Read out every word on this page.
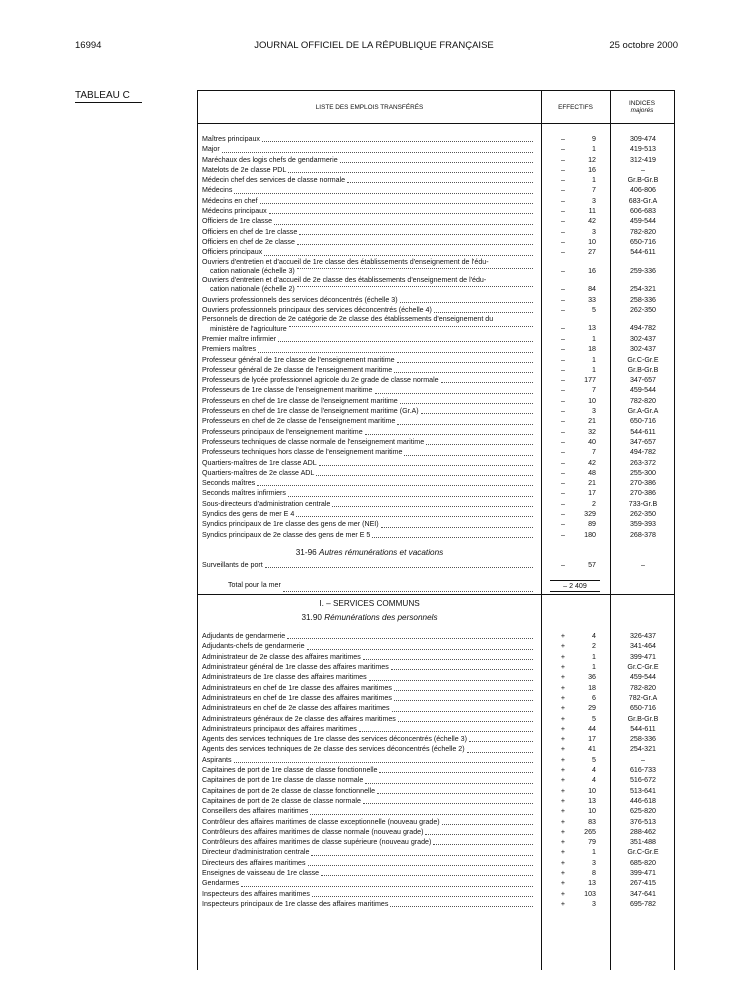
16994	JOURNAL OFFICIEL DE LA RÉPUBLIQUE FRANÇAISE	25 octobre 2000
TABLEAU C
LISTE DES EMPLOIS TRANSFÉRÉS	EFFECTIFS	INDICES
majorés
Maîtres principaux	–	9	309-474
Major	–	1	419-513
Maréchaux des logis chefs de gendarmerie	–	12	312-419
Matelots de 2e classe PDL	–	16	–
Médecin chef des services de classe normale	–	1	Gr.B-Gr.B
Médecins	–	7	406-806
Médecins en chef	–	3	683-Gr.A
Médecins principaux	–	11	606-683
Officiers de 1re classe	–	42	459-544
Officiers en chef de 1re classe	–	3	782-820
Officiers en chef de 2e classe	–	10	650-716
Officiers principaux	–	27	544-611
Ouvriers d'entretien et d'accueil de 1re classe des établissements d'enseignement de l'édu-
cation nationale (échelle 3)	–	16	259-336
Ouvriers d'entretien et d'accueil de 2e classe des établissements d'enseignement de l'édu-
cation nationale (échelle 2)	–	84	254-321
Ouvriers professionnels des services déconcentrés (échelle 3)	–	33	258-336
Ouvriers professionnels principaux des services déconcentrés (échelle 4)	–	5	262-350
Personnels de direction de 2e catégorie de 2e classe des établissements d'enseignement du
ministère de l'agriculture	–	13	494-782
Premier maître infirmier	–	1	302-437
Premiers maîtres	–	18	302-437
Professeur général de 1re classe de l'enseignement maritime	–	1	Gr.C-Gr.E
Professeur général de 2e classe de l'enseignement maritime	–	1	Gr.B-Gr.B
Professeurs de lycée professionnel agricole du 2e grade de classe normale	–	177	347-657
Professeurs de 1re classe de l'enseignement maritime	–	7	459-544
Professeurs en chef de 1re classe de l'enseignement maritime	–	10	782-820
Professeurs en chef de 1re classe de l'enseignement maritime (Gr.A)	–	3	Gr.A-Gr.A
Professeurs en chef de 2e classe de l'enseignement maritime	–	21	650-716
Professeurs principaux de l'enseignement maritime	–	32	544-611
Professeurs techniques de classe normale de l'enseignement maritime	–	40	347-657
Professeurs techniques hors classe de l'enseignement maritime	–	7	494-782
Quartiers-maîtres de 1re classe ADL	–	42	263-372
Quartiers-maîtres de 2e classe ADL	–	48	255-300
Seconds maîtres	–	21	270-386
Seconds maîtres infirmiers	–	17	270-386
Sous-directeurs d'administration centrale	–	2	733-Gr.B
Syndics des gens de mer E 4	–	329	262-350
Syndics principaux de 1re classe des gens de mer (NEI)	–	89	359-393
Syndics principaux de 2e classe des gens de mer E 5	–	180	268-378
31-96 Autres rémunérations et vacations
Surveillants de port	–	57	–
Total pour la mer	– 2 409
I. – SERVICES COMMUNS
31.90 Rémunérations des personnels
Adjudants de gendarmerie	+	4	326-437
Adjudants-chefs de gendarmerie	+	2	341-464
Administrateur de 2e classe des affaires maritimes	+	1	399-471
Administrateur général de 1re classe des affaires maritimes	+	1	Gr.C-Gr.E
Administrateurs de 1re classe des affaires maritimes	+	36	459-544
Administrateurs en chef de 1re classe des affaires maritimes	+	18	782-820
Administrateurs en chef de 1re classe des affaires maritimes	+	6	782-Gr.A
Administrateurs en chef de 2e classe des affaires maritimes	+	29	650-716
Administrateurs généraux de 2e classe des affaires maritimes	+	5	Gr.B-Gr.B
Administrateurs principaux des affaires maritimes	+	44	544-611
Agents des services techniques de 1re classe des services déconcentrés (échelle 3)	+	17	258-336
Agents des services techniques de 2e classe des services déconcentrés (échelle 2)	+	41	254-321
Aspirants	+	5	–
Capitaines de port de 1re classe de classe fonctionnelle	+	4	616-733
Capitaines de port de 1re classe de classe normale	+	4	516-672
Capitaines de port de 2e classe de classe fonctionnelle	+	10	513-641
Capitaines de port de 2e classe de classe normale	+	13	446-618
Conseillers des affaires maritimes	+	10	625-820
Contrôleur des affaires maritimes de classe exceptionnelle (nouveau grade)	+	83	376-513
Contrôleurs des affaires maritimes de classe normale (nouveau grade)	+	265	288-462
Contrôleurs des affaires maritimes de classe supérieure (nouveau grade)	+	79	351-488
Directeur d'administration centrale	+	1	Gr.C-Gr.E
Directeurs des affaires maritimes	+	3	685-820
Enseignes de vaisseau de 1re classe	+	8	399-471
Gendarmes	+	13	267-415
Inspecteurs des affaires maritimes	+	103	347-641
Inspecteurs principaux de 1re classe des affaires maritimes	+	3	695-782
